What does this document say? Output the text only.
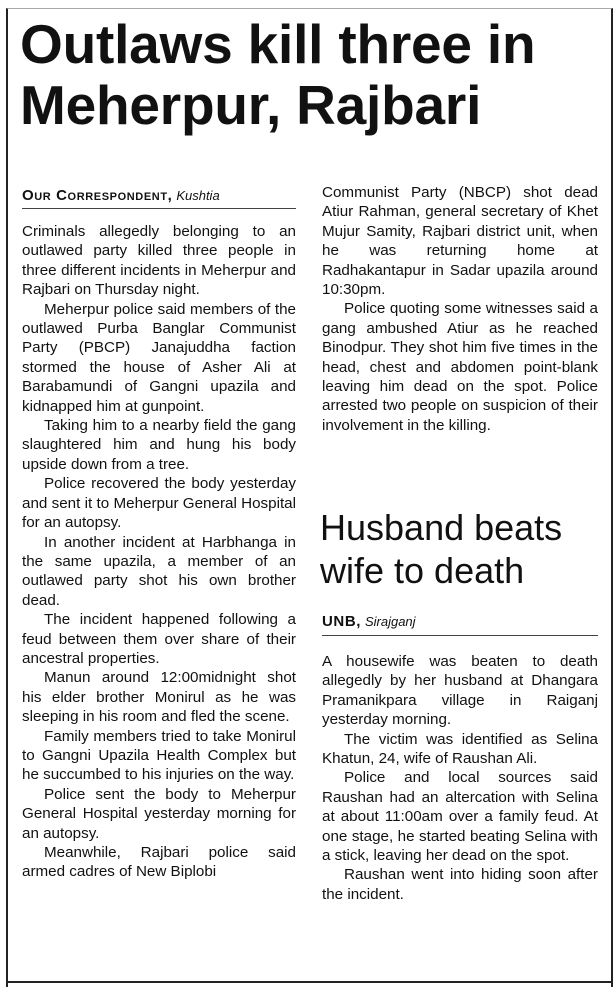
Outlaws kill three in Meherpur, Rajbari
Our Correspondent, Kushtia

Criminals allegedly belonging to an outlawed party killed three people in three different incidents in Meherpur and Rajbari on Thursday night.

Meherpur police said members of the outlawed Purba Banglar Communist Party (PBCP) Janajuddha faction stormed the house of Asher Ali at Barabamundi of Gangni upazila and kidnapped him at gunpoint.

Taking him to a nearby field the gang slaughtered him and hung his body upside down from a tree.

Police recovered the body yesterday and sent it to Meherpur General Hospital for an autopsy.

In another incident at Harbhanga in the same upazila, a member of an outlawed party shot his own brother dead.

The incident happened following a feud between them over share of their ancestral properties.

Manun around 12:00midnight shot his elder brother Monirul as he was sleeping in his room and fled the scene.

Family members tried to take Monirul to Gangni Upazila Health Complex but he succumbed to his injuries on the way.

Police sent the body to Meherpur General Hospital yesterday morning for an autopsy.

Meanwhile, Rajbari police said armed cadres of New Biplobi

Communist Party (NBCP) shot dead Atiur Rahman, general secretary of Khet Mujur Samity, Rajbari district unit, when he was returning home at Radhakantapur in Sadar upazila around 10:30pm.

Police quoting some witnesses said a gang ambushed Atiur as he reached Binodpur. They shot him five times in the head, chest and abdomen point-blank leaving him dead on the spot. Police arrested two people on suspicion of their involvement in the killing.

Husband beats wife to death
UNB, Sirajganj

A housewife was beaten to death allegedly by her husband at Dhangara Pramanikpara village in Raiganj yesterday morning.

The victim was identified as Selina Khatun, 24, wife of Raushan Ali.

Police and local sources said Raushan had an altercation with Selina at about 11:00am over a family feud. At one stage, he started beating Selina with a stick, leaving her dead on the spot.

Raushan went into hiding soon after the incident.
